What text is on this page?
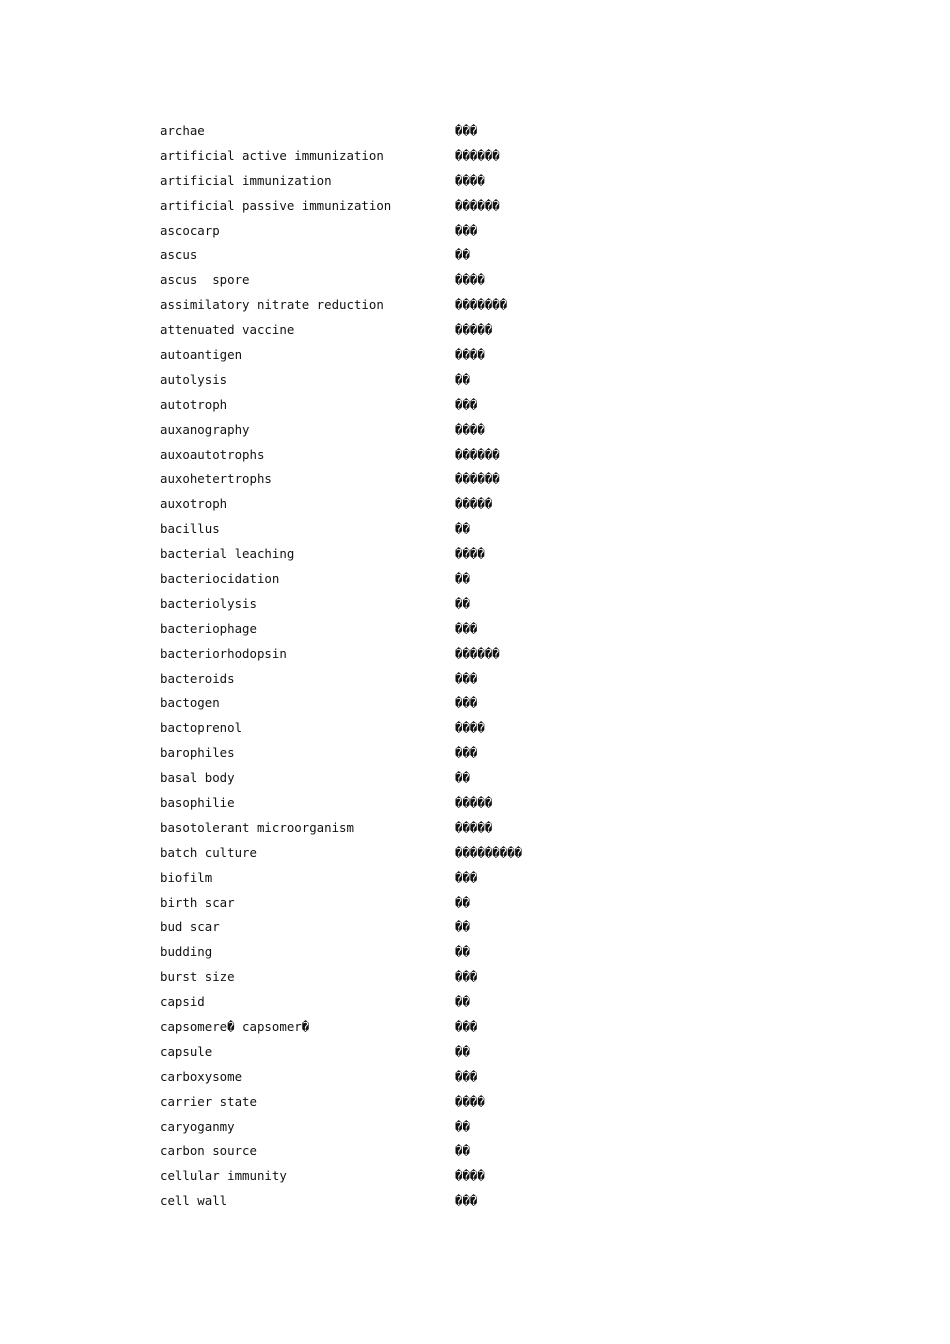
archae	���
artificial active immunization	������
artificial immunization	����
artificial passive immunization	������
ascocarp	���
ascus	��
ascus  spore	����
assimilatory nitrate reduction	�������
attenuated vaccine	�����
autoantigen	����
autolysis	��
autotroph	���
auxanography	����
auxoautotrophs	������
auxohetertrophs	������
auxotroph	�����
bacillus	��
bacterial leaching	����
bacteriocidation	��
bacteriolysis	��
bacteriophage	���
bacteriorhodopsin	������
bacteroids	���
bactogen	���
bactoprenol	����
barophiles	���
basal body	��
basophilie	�����
basotolerant microorganism	�����
batch culture	���������
biofilm	���
birth scar	��
bud scar	��
budding	��
burst size	���
capsid	��
capsomere� capsomer�	���
capsule	��
carboxysome	���
carrier state	����
caryoganmy	��
carbon source	��
cellular immunity	����
cell wall	���
